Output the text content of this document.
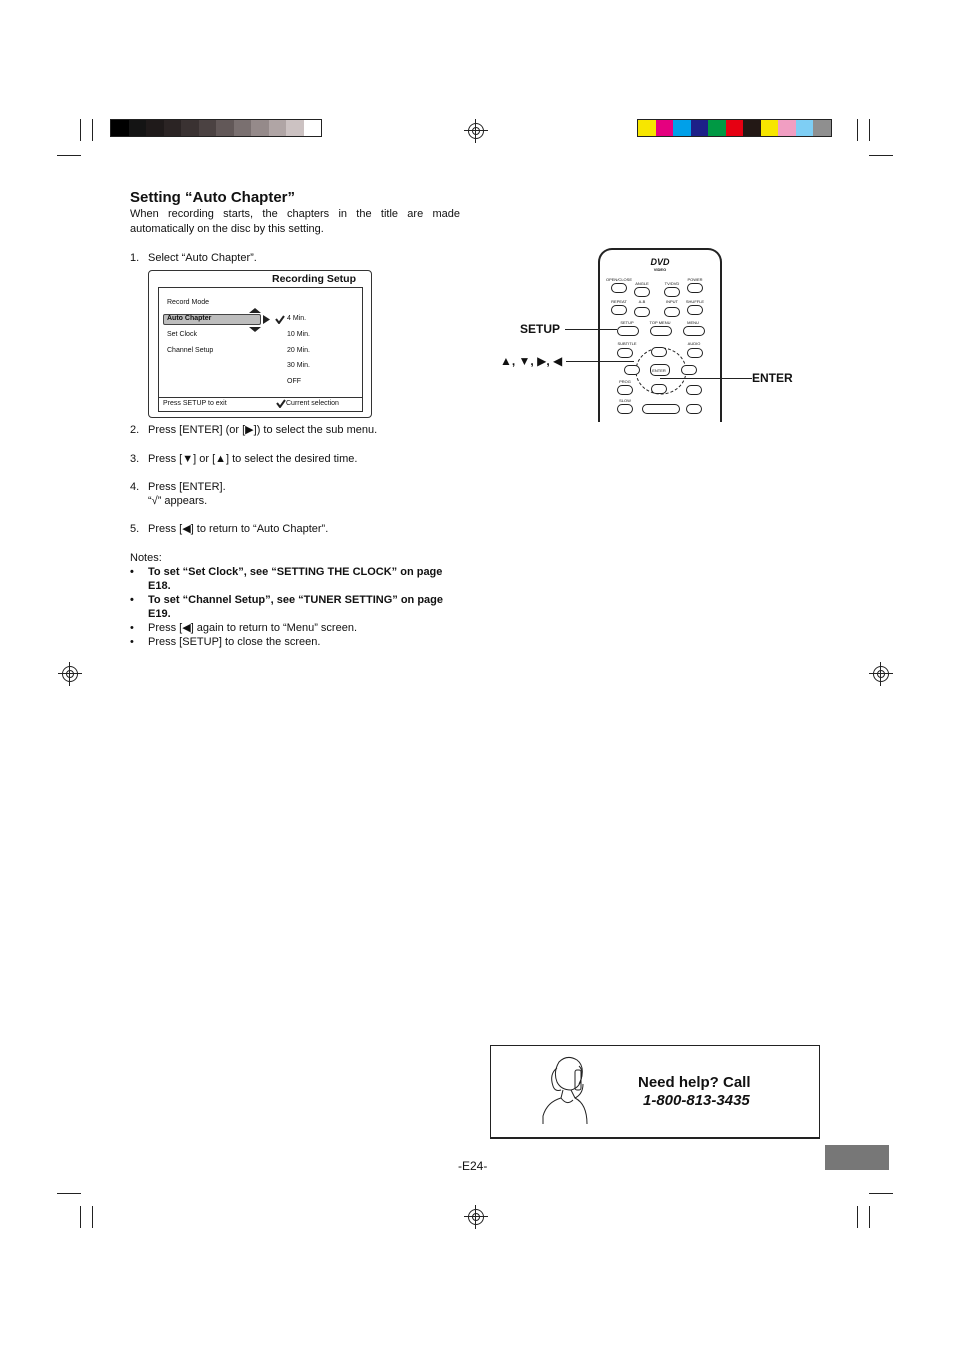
Setting “Auto Chapter”
When recording starts, the chapters in the title are made automatically on the disc by this setting.
1. Select “Auto Chapter”.
Recording Setup
Record Mode
Auto Chapter
Set Clock
Channel Setup
4 Min.
10 Min.
20 Min.
30 Min.
OFF
Press SETUP to exit	Current selection
2. Press [ENTER] (or [▶]) to select the sub menu.
3. Press [▼] or [▲] to select the desired time.
4. Press [ENTER].
“√” appears.
5. Press [◀] to return to “Auto Chapter”.
Notes:
• To set “Set Clock”, see “SETTING THE CLOCK” on page E18.
• To set “Channel Setup”, see “TUNER SETTING” on page E19.
• Press [◀] again to return to “Menu” screen.
• Press [SETUP] to close the screen.
DVD
VIDEO
OPEN/CLOSE	POWER
ANGLE	TV/DVD
REPEAT	A-B	INPUT	SHUFFLE
SETUP	TOP MENU	MENU
SUBTITLE	AUDIO
ENTER
PROG
SLOW
SETUP
▲, ▼, ▶, ◀
ENTER
Need help? Call
1-800-813-3435
-E24-
